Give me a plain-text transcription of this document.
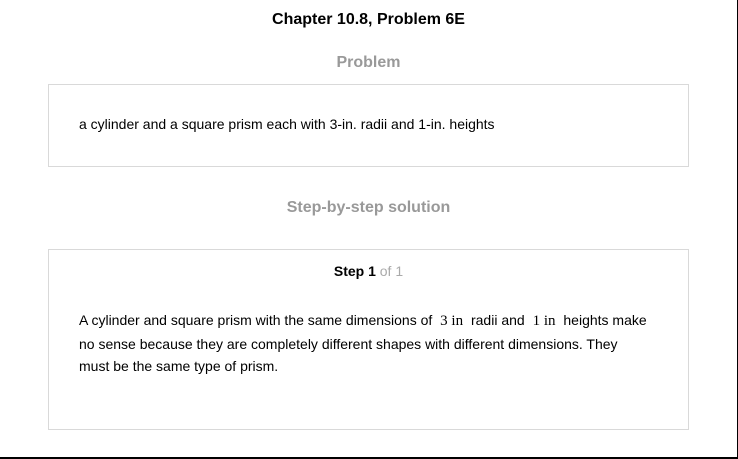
Chapter 10.8, Problem 6E
Problem
a cylinder and a square prism each with 3-in. radii and 1-in. heights
Step-by-step solution
Step 1 of 1
A cylinder and square prism with the same dimensions of 3 in radii and 1 in heights make
no sense because they are completely different shapes with different dimensions. They
must be the same type of prism.
